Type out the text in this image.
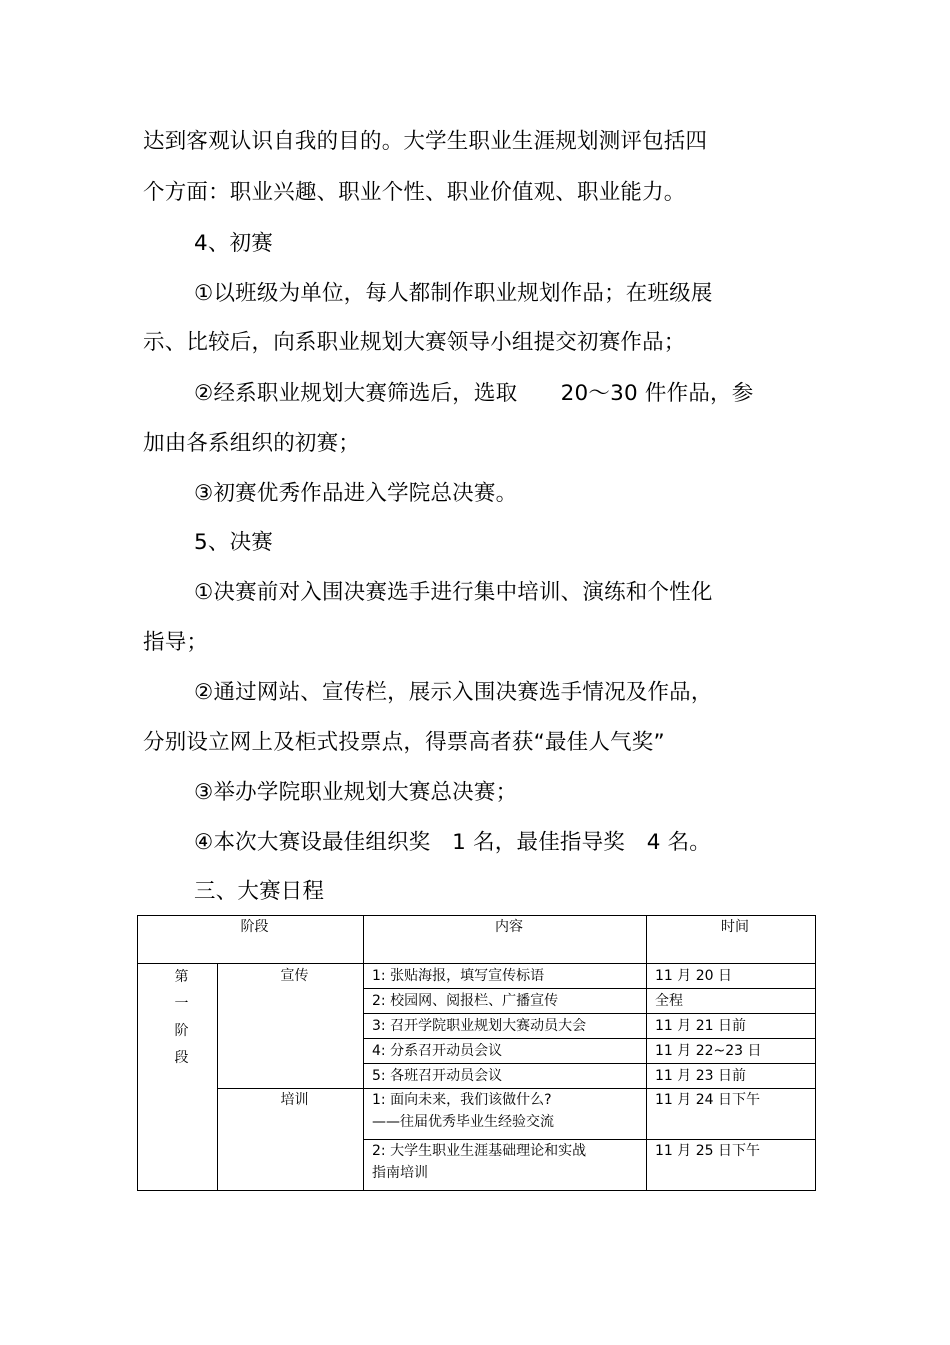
达到客观认识自我的目的。大学生职业生涯规划测评包括四
个方面：职业兴趣、职业个性、职业价值观、职业能力。
4、初赛
①以班级为单位，每人都制作职业规划作品；在班级展
示、比较后，向系职业规划大赛领导小组提交初赛作品；
②经系职业规划大赛筛选后，选取　　20～30 件作品，参
加由各系组织的初赛；
③初赛优秀作品进入学院总决赛。
5、决赛
①决赛前对入围决赛选手进行集中培训、演练和个性化
指导；
②通过网站、宣传栏，展示入围决赛选手情况及作品，
分别设立网上及柜式投票点，得票高者获“最佳人气奖”
③举办学院职业规划大赛总决赛；
④本次大赛设最佳组织奖　1 名，最佳指导奖　4 名。
三、大赛日程
阶段		内容	时间
第
一
阶
段	宣传	1: 张贴海报，填写宣传标语	11 月 20 日
		2: 校园网、阅报栏、广播宣传	全程
		3: 召开学院职业规划大赛动员大会	11 月 21 日前
		4: 分系召开动员会议	11 月 22~23 日
		5: 各班召开动员会议	11 月 23 日前
	培训	1: 面向未来，我们该做什么?
——往届优秀毕业生经验交流	11 月 24 日下午

		2: 大学生职业生涯基础理论和实战
指南培训	11 月 25 日下午
